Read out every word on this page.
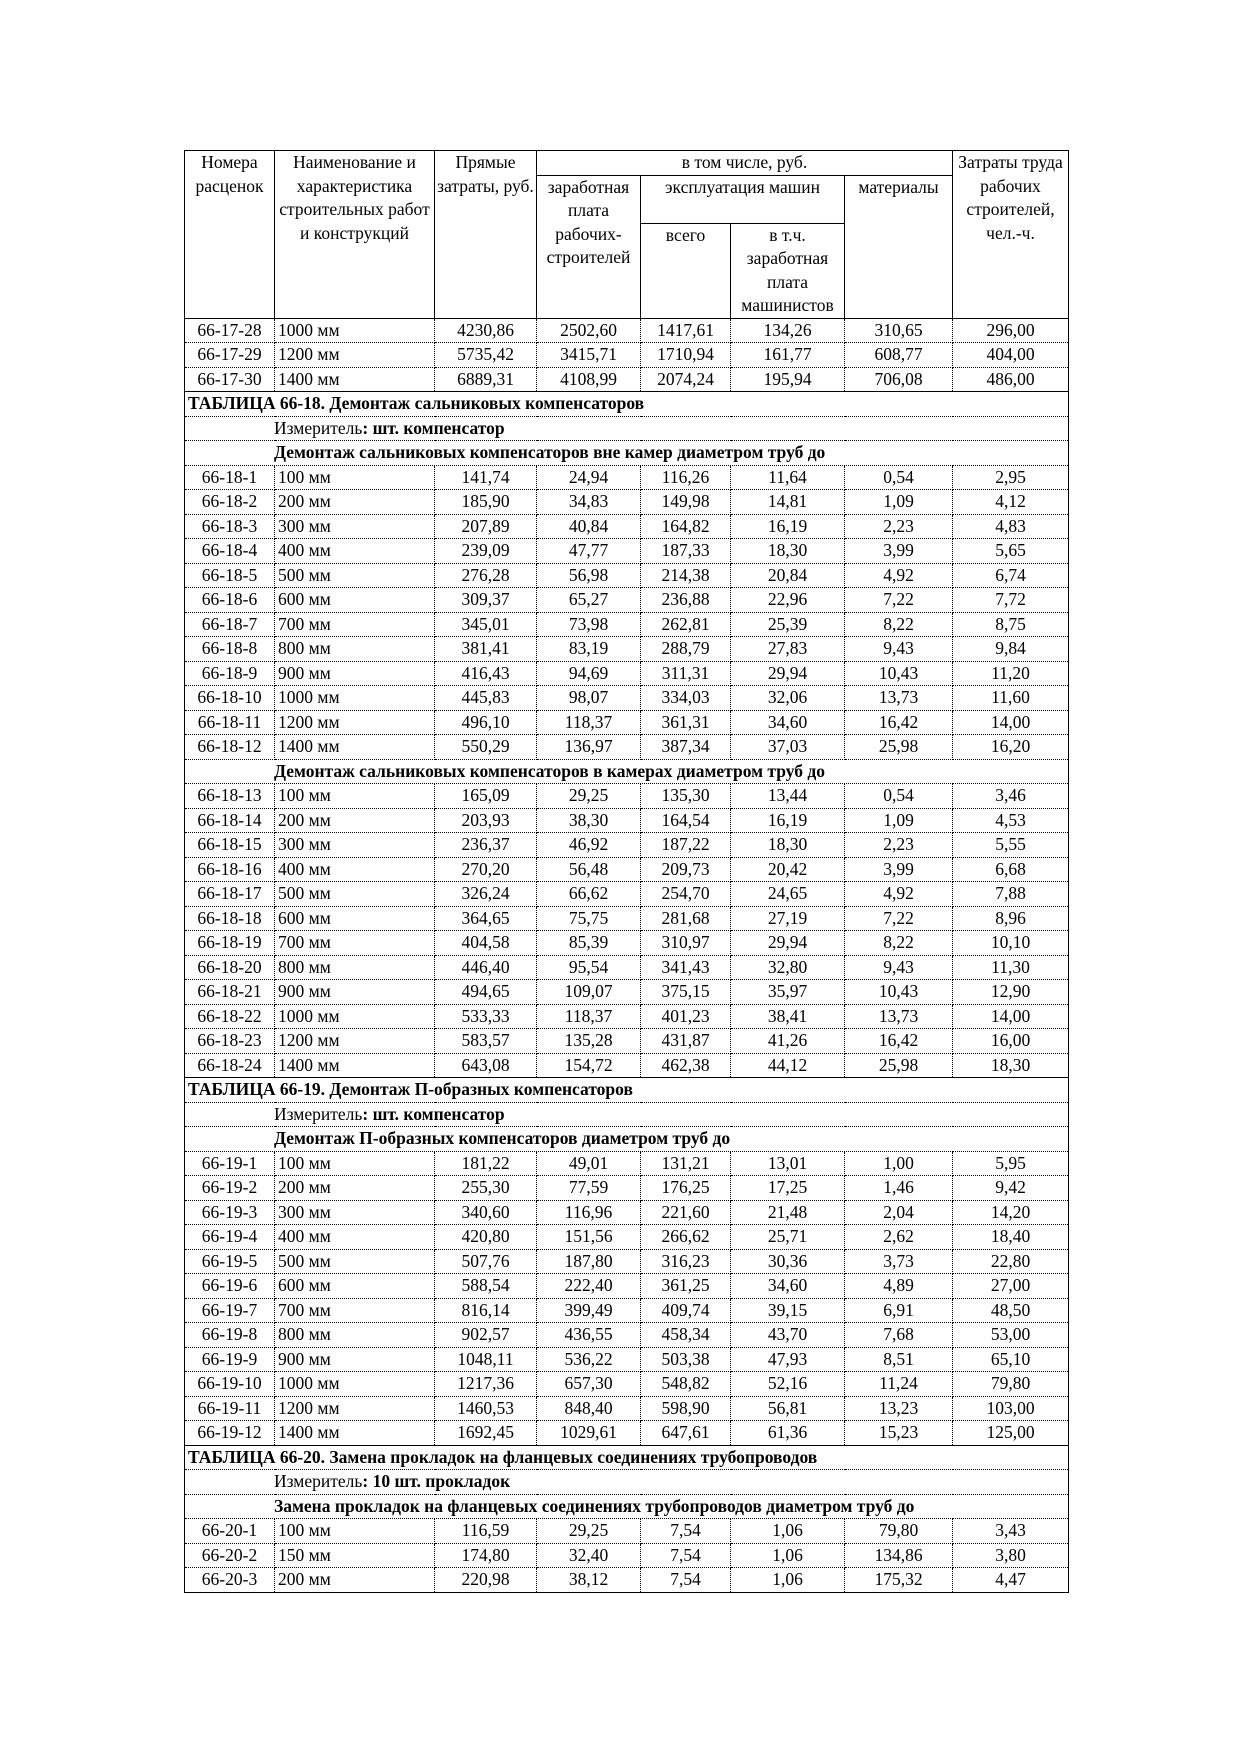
Номера расценок	Наименование и характеристика строительных работ и конструкций	Прямые затраты, руб.	в том числе, руб.				Затраты труда рабочих строителей, чел.-ч.
			заработная плата рабочих-строителей	эксплуатация машин		материалы	
				всего	в т.ч. заработная плата машинистов		
66-17-28	1000 мм	4230,86	2502,60	1417,61	134,26	310,65	296,00
66-17-29	1200 мм	5735,42	3415,71	1710,94	161,77	608,77	404,00
66-17-30	1400 мм	6889,31	4108,99	2074,24	195,94	706,08	486,00
ТАБЛИЦА 66-18. Демонтаж сальниковых компенсаторов							
Измеритель: шт. компенсатор							
Демонтаж сальниковых компенсаторов вне камер диаметром труб до							
66-18-1	100 мм	141,74	24,94	116,26	11,64	0,54	2,95
66-18-2	200 мм	185,90	34,83	149,98	14,81	1,09	4,12
66-18-3	300 мм	207,89	40,84	164,82	16,19	2,23	4,83
66-18-4	400 мм	239,09	47,77	187,33	18,30	3,99	5,65
66-18-5	500 мм	276,28	56,98	214,38	20,84	4,92	6,74
66-18-6	600 мм	309,37	65,27	236,88	22,96	7,22	7,72
66-18-7	700 мм	345,01	73,98	262,81	25,39	8,22	8,75
66-18-8	800 мм	381,41	83,19	288,79	27,83	9,43	9,84
66-18-9	900 мм	416,43	94,69	311,31	29,94	10,43	11,20
66-18-10	1000 мм	445,83	98,07	334,03	32,06	13,73	11,60
66-18-11	1200 мм	496,10	118,37	361,31	34,60	16,42	14,00
66-18-12	1400 мм	550,29	136,97	387,34	37,03	25,98	16,20
Демонтаж сальниковых компенсаторов в камерах диаметром труб до							
66-18-13	100 мм	165,09	29,25	135,30	13,44	0,54	3,46
66-18-14	200 мм	203,93	38,30	164,54	16,19	1,09	4,53
66-18-15	300 мм	236,37	46,92	187,22	18,30	2,23	5,55
66-18-16	400 мм	270,20	56,48	209,73	20,42	3,99	6,68
66-18-17	500 мм	326,24	66,62	254,70	24,65	4,92	7,88
66-18-18	600 мм	364,65	75,75	281,68	27,19	7,22	8,96
66-18-19	700 мм	404,58	85,39	310,97	29,94	8,22	10,10
66-18-20	800 мм	446,40	95,54	341,43	32,80	9,43	11,30
66-18-21	900 мм	494,65	109,07	375,15	35,97	10,43	12,90
66-18-22	1000 мм	533,33	118,37	401,23	38,41	13,73	14,00
66-18-23	1200 мм	583,57	135,28	431,87	41,26	16,42	16,00
66-18-24	1400 мм	643,08	154,72	462,38	44,12	25,98	18,30
ТАБЛИЦА 66-19. Демонтаж П-образных компенсаторов							
Измеритель: шт. компенсатор							
Демонтаж П-образных компенсаторов диаметром труб до							
66-19-1	100 мм	181,22	49,01	131,21	13,01	1,00	5,95
66-19-2	200 мм	255,30	77,59	176,25	17,25	1,46	9,42
66-19-3	300 мм	340,60	116,96	221,60	21,48	2,04	14,20
66-19-4	400 мм	420,80	151,56	266,62	25,71	2,62	18,40
66-19-5	500 мм	507,76	187,80	316,23	30,36	3,73	22,80
66-19-6	600 мм	588,54	222,40	361,25	34,60	4,89	27,00
66-19-7	700 мм	816,14	399,49	409,74	39,15	6,91	48,50
66-19-8	800 мм	902,57	436,55	458,34	43,70	7,68	53,00
66-19-9	900 мм	1048,11	536,22	503,38	47,93	8,51	65,10
66-19-10	1000 мм	1217,36	657,30	548,82	52,16	11,24	79,80
66-19-11	1200 мм	1460,53	848,40	598,90	56,81	13,23	103,00
66-19-12	1400 мм	1692,45	1029,61	647,61	61,36	15,23	125,00
ТАБЛИЦА 66-20. Замена прокладок на фланцевых соединениях трубопроводов							
Измеритель: 10 шт. прокладок							
Замена прокладок на фланцевых соединениях трубопроводов диаметром труб до							
66-20-1	100 мм	116,59	29,25	7,54	1,06	79,80	3,43
66-20-2	150 мм	174,80	32,40	7,54	1,06	134,86	3,80
66-20-3	200 мм	220,98	38,12	7,54	1,06	175,32	4,47
